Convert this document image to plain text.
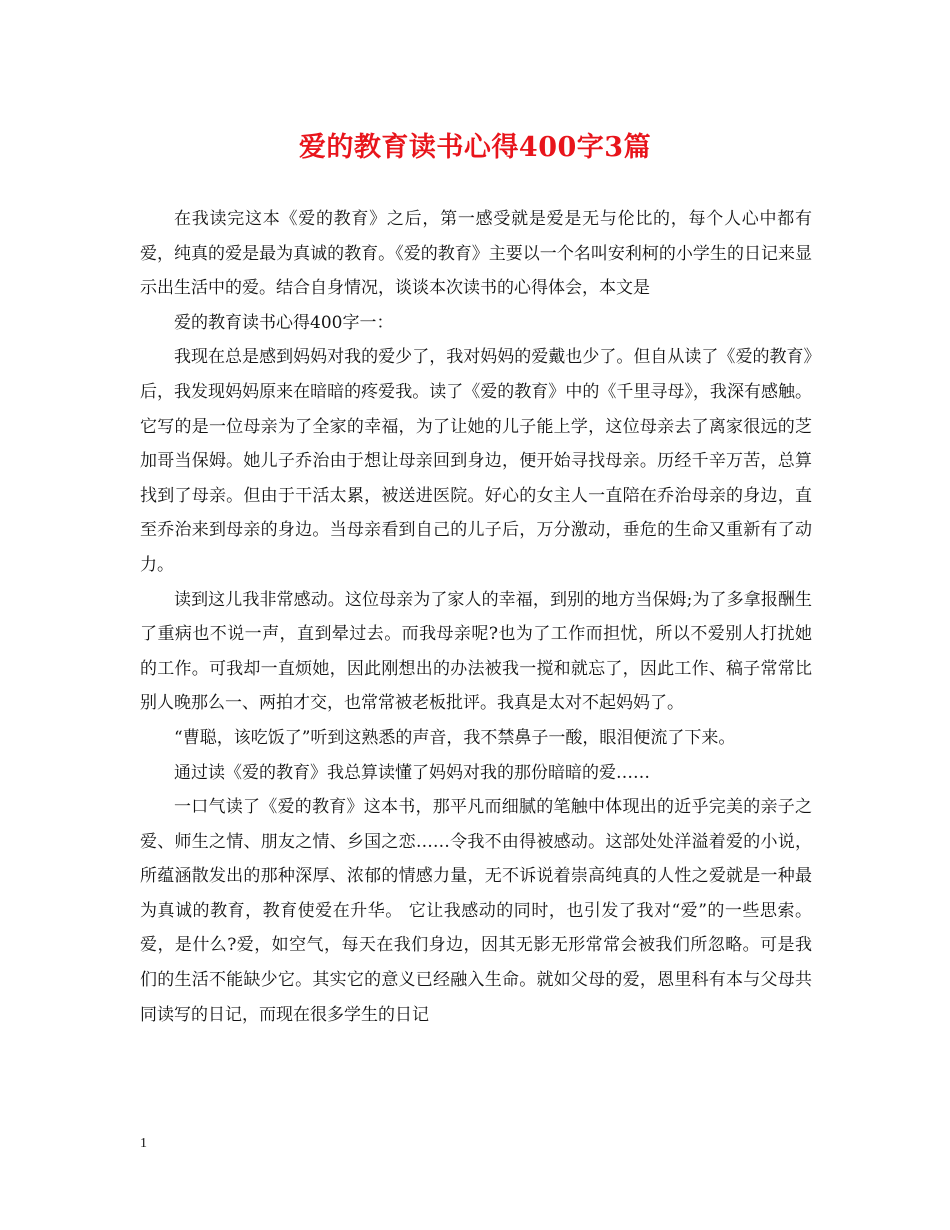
爱的教育读书心得400字3篇

在我读完这本《爱的教育》之后，第一感受就是爱是无与伦比的，每个人心中都有爱，纯真的爱是最为真诚的教育。《爱的教育》主要以一个名叫安利柯的小学生的日记来显示出生活中的爱。结合自身情况，谈谈本次读书的心得体会，本文是

爱的教育读书心得400字一：

我现在总是感到妈妈对我的爱少了，我对妈妈的爱戴也少了。但自从读了《爱的教育》后，我发现妈妈原来在暗暗的疼爱我。读了《爱的教育》中的《千里寻母》，我深有感触。它写的是一位母亲为了全家的幸福，为了让她的儿子能上学，这位母亲去了离家很远的芝加哥当保姆。她儿子乔治由于想让母亲回到身边，便开始寻找母亲。历经千辛万苦，总算找到了母亲。但由于干活太累，被送进医院。好心的女主人一直陪在乔治母亲的身边，直至乔治来到母亲的身边。当母亲看到自己的儿子后，万分激动，垂危的生命又重新有了动力。

读到这儿我非常感动。这位母亲为了家人的幸福，到别的地方当保姆;为了多拿报酬生了重病也不说一声，直到晕过去。而我母亲呢?也为了工作而担忧，所以不爱别人打扰她的工作。可我却一直烦她，因此刚想出的办法被我一搅和就忘了，因此工作、稿子常常比别人晚那么一、两拍才交，也常常被老板批评。我真是太对不起妈妈了。

“曹聪，该吃饭了”听到这熟悉的声音，我不禁鼻子一酸，眼泪便流了下来。

通过读《爱的教育》我总算读懂了妈妈对我的那份暗暗的爱……

一口气读了《爱的教育》这本书，那平凡而细腻的笔触中体现出的近乎完美的亲子之爱、师生之情、朋友之情、乡国之恋……令我不由得被感动。这部处处洋溢着爱的小说，所蕴涵散发出的那种深厚、浓郁的情感力量，无不诉说着崇高纯真的人性之爱就是一种最为真诚的教育，教育使爱在升华。 它让我感动的同时，也引发了我对“爱”的一些思索。爱，是什么?爱，如空气，每天在我们身边，因其无影无形常常会被我们所忽略。可是我们的生活不能缺少它。其实它的意义已经融入生命。就如父母的爱，恩里科有本与父母共同读写的日记，而现在很多学生的日记

1
